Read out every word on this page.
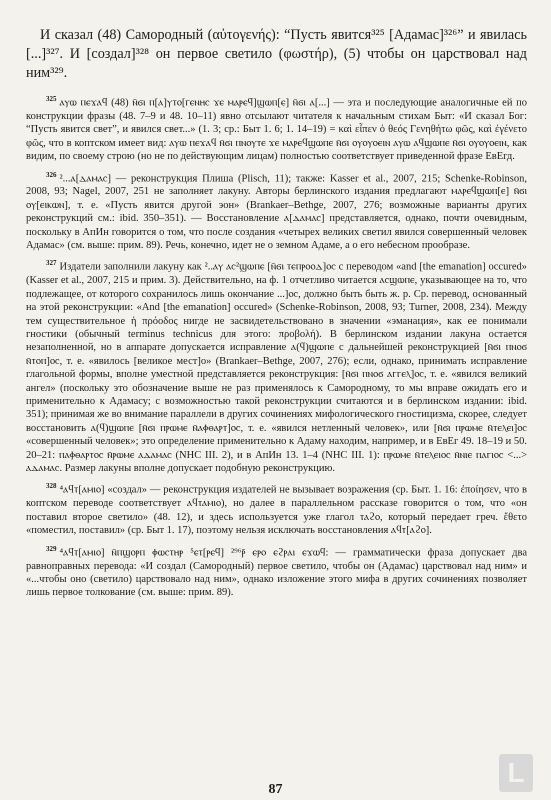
И сказал (48) Самородный (αὐτογενής): “Пусть явится³²⁵ [Адамас]³²⁶” и явилась [...]³²⁷. И [создал]³²⁸ он первое светило (φωστήρ), (5) чтобы он царствовал над ним³²⁹.

$^{325}$ ⲁⲩⲱ ⲡⲉϫⲁϥ (48) ⲛ̄ϭⲓ ⲡ[ⲁ]ⲩⲧⲟ[ⲅⲉⲛⲏⲥ ϫⲉ ⲙⲁⲣⲉϥ]ϣⲱⲡ[ⲉ] ⲛ̄ϭⲓ ⲁ[...] — эта и последующие аналогичные ей по конструкции фразы (48. 7–9 и 48. 10–11) явно отсылают читателя к начальным стихам Быт: «И сказал Бог: “Пусть явится свет”, и явился свет...» (1. 3; ср.: Быт 1. 6; 1. 14–19) = καὶ εἶπεν ὁ θεός Γενηθήτω φῶς, καὶ ἐγένετο φῶς, что в коптском имеет вид: ⲁⲩⲱ ⲡⲉϫⲁϥ ⲛ̄ϭⲓ ⲡⲛⲟⲩⲧⲉ ϫⲉ ⲙⲁⲣⲉϥϣⲱⲡⲉ ⲛ̄ϭⲓ ⲟⲩⲟⲩⲟⲉⲓⲛ ⲁⲩⲱ ⲁϥϣⲱⲡⲉ ⲛ̄ϭⲓ ⲟⲩⲟⲩⲟⲉⲓⲛ, как видим, по своему строю (но не по действующим лицам) полностью соответствует приведенной фразе ЕвЕгд.

$^{326}$ ²...ⲁ[ⲇⲁⲙⲁⲥ] — реконструкция Плиша (Plisch, 11); также: Kasser et al., 2007, 215; Schenke-Robinson, 2008, 93; Nagel, 2007, 251 не заполняет лакуну. Авторы берлинского издания предлагают ⲙⲁⲣⲉϥϣⲱⲡ[ⲉ] ⲛ̄ϭⲓ ⲟⲩ[ⲉⲓⲕⲱⲛ], т. е. «Пусть явится другой эон» (Brankaer–Bethge, 2007, 276; возможные варианты других реконструкций см.: ibid. 350–351). — Восстановление ⲁ[ⲇⲁⲙⲁⲥ] представляется, однако, почти очевидным, поскольку в АпИн говорится о том, что после создания «четырех великих светил явился совершенный человек Адамас» (см. выше: прим. 89). Речь, конечно, идет не о земном Адаме, а о его небесном прообразе.

$^{327}$ Издатели заполнили лакуну как ²..ⲁⲩ ⲁⲥ²ϣⲱⲡⲉ [ⲛ̄ϭⲓ ⲧⲉⲡⲣⲟⲟⲇ]ⲟⲥ с переводом «and [the emanation] occured» (Kasser et al., 2007, 215 и прим. 3). Действительно, на ф. 1 отчетливо читается ⲁⲥϣⲱⲡⲉ, указывающее на то, что подлежащее, от которого сохранилось лишь окончание ...]ⲟⲥ, должно быть быть ж. р. Ср. перевод, основанный на этой реконструкции: «And [the emanation] occured» (Schenke-Robinson, 2008, 93; Turner, 2008, 234). Между тем существительное ἡ πρόοδος нигде не засвидетельствовано в значении «эманация», как ее понимали гностики (обычный terminus technicus для этого: προβολή). В берлинском издании лакуна остается незаполненной, но в аппарате допускается исправление ⲁ(ϥ)ϣⲱⲡⲉ с дальнейшей реконструкцией [ⲛ̄ϭⲓ ⲡⲛⲟϭ ⲛ̄ⲧⲟⲡ]ⲟⲥ, т. е. «явилось [великое мест]о» (Brankaer–Bethge, 2007, 276); если, однако, принимать исправление глагольной формы, вполне уместной представляется реконструкция: [ⲛ̄ϭⲓ ⲡⲛⲟϭ ⲁⲅⲅⲉⲗ]ⲟⲥ, т. е. «явился великий ангел» (поскольку это обозначение выше не раз применялось к Самородному, то мы вправе ожидать его и применительно к Адамасу; с возможностью такой реконструкции считаются и в берлинском издании: ibid. 351); принимая же во внимание параллели в других сочинениях мифологического гностицизма, скорее, следует восстановить ⲁ(ϥ)ϣⲱⲡⲉ [ⲛ̄ϭⲓ ⲡⲣⲱⲙⲉ ⲛ̄ⲁⲫⲑⲁⲣⲧ]ⲟⲥ, т. е. «явился нетленный человек», или [ⲛ̄ϭⲓ ⲡⲣⲱⲙⲉ ⲛ̄ⲧⲉⲗⲉⲓ]ⲟⲥ «совершенный человек»; это определение применительно к Адаму находим, например, и в ЕвЕг 49. 18–19 и 50. 20–21: ⲡⲁⲫⲑⲁⲣⲧⲟⲥ ⲛ̄ⲣⲱⲙⲉ ⲁⲇⲁⲙⲁⲥ (NHC III. 2), и в АпИн 13. 1–4 (NHC III. 1): ⲡⲣⲱⲙⲉ ⲛ̄ⲧⲉⲗⲉⲓⲟⲥ ⲛ̄ⲛⲓⲉ ⲡⲁⲅⲓⲟⲥ <...> ⲁⲇⲁⲙⲁⲥ. Размер лакуны вполне допускает подобную реконструкцию.

$^{328}$ ⁴ⲁϥⲧ[ⲁⲙⲓⲟ] «создал» — реконструкция издателей не вызывает возражения (ср. Быт. 1. 16: ἐποίησεν, что в коптском переводе соответствует ⲁϥⲧⲁⲙⲓⲟ), но далее в параллельном рассказе говорится о том, что «он поставил второе светило» (48. 12), и здесь используется уже глагол ⲧⲁϩⲟ, который передает греч. ἔθετο «поместил, поставил» (ср. Быт 1. 17), поэтому нельзя исключать восстановления ⲁϥⲧ[ⲁϩⲟ].

$^{329}$ ⁴ⲁϥⲧ[ⲁⲙⲓⲟ] ⲛ̄ⲡϣⲟⲣⲡ ⲫⲱⲥⲧⲏⲣ ⁵ⲉⲧ[ⲣⲉϥ] ²⁹⁶ⲣ̄ ⲉⲣⲟ ⲉϩⲣⲁⲓ ⲉϫⲱϥ: — грамматически фраза допускает два равноправных перевода: «И создал (Самородный) первое светило, чтобы он (Адамас) царствовал над ним» и «...чтобы оно (светило) царствовало над ним», однако изложение этого мифа в других сочинениях позволяет лишь первое толкование (см. выше: прим. 89).

87
L
